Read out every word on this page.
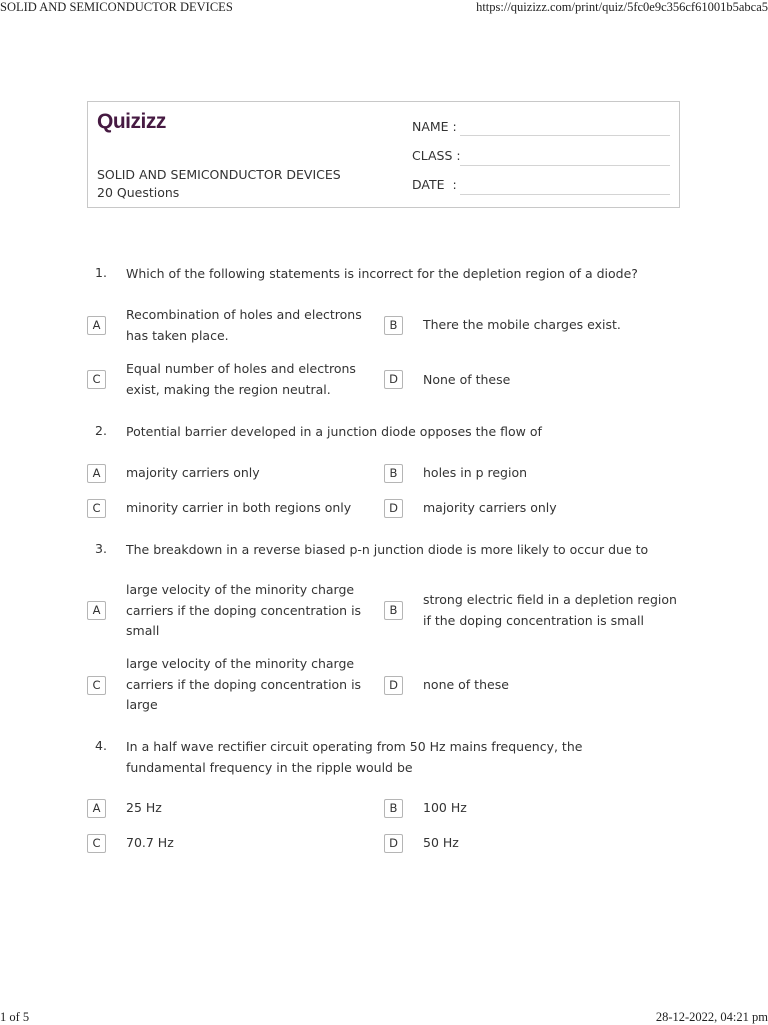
SOLID AND SEMICONDUCTOR DEVICES	https://quizizz.com/print/quiz/5fc0e9c356cf61001b5abca5
1 of 5	28-12-2022, 04:21 pm
Quizizz
SOLID AND SEMICONDUCTOR DEVICES
20 Questions
NAME :
CLASS :
DATE  :
1. Which of the following statements is incorrect for the depletion region of a diode?
A
Recombination of holes and electrons has taken place.
B	There the mobile charges exist.
C
Equal number of holes and electrons exist, making the region neutral.
D	None of these
2. Potential barrier developed in a junction diode opposes the flow of
A	majority carriers only	B	holes in p region
C	minority carrier in both regions only	D	majority carriers only
3. The breakdown in a reverse biased p-n junction diode is more likely to occur due to
A
large velocity of the minority charge carriers if the doping concentration is small
B
strong electric field in a depletion region if the doping concentration is small
C
large velocity of the minority charge carriers if the doping concentration is large
D	none of these
4. In a half wave rectifier circuit operating from 50 Hz mains frequency, the fundamental frequency in the ripple would be
A	25 Hz	B	100 Hz
C	70.7 Hz	D	50 Hz
